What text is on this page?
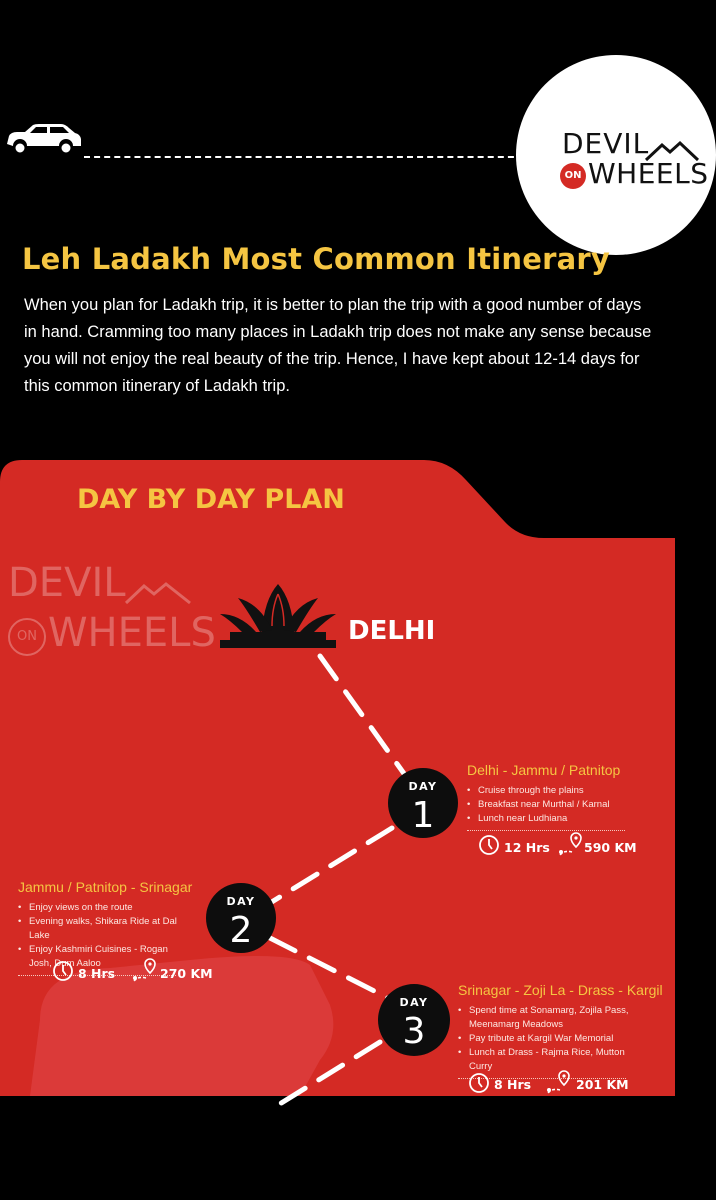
DEVIL
ON WHEELS
Leh Ladakh Most Common Itinerary

When you plan for Ladakh trip, it is better to plan the trip with a good number of days in hand. Cramming too many places in Ladakh trip does not make any sense because you will not enjoy the real beauty of the trip. Hence, I have kept about 12-14 days for this common itinerary of Ladakh trip.

DAY BY DAY PLAN
DEVIL
ON WHEELS	DELHI
DAY
1
Delhi - Jammu / Patnitop
• Cruise through the plains
• Breakfast near Murthal / Karnal
• Lunch near Ludhiana
12 Hrs	590 KM
DAY
2
Jammu / Patnitop - Srinagar
• Enjoy views on the route
• Evening walks, Shikara Ride at Dal Lake
• Enjoy Kashmiri Cuisines - Rogan Josh, Dum Aaloo
8 Hrs	270 KM
DAY
3
Srinagar - Zoji La - Drass - Kargil
• Spend time at Sonamarg, Zojila Pass, Meenamarg Meadows
• Pay tribute at Kargil War Memorial
• Lunch at Drass - Rajma Rice, Mutton Curry
8 Hrs	201 KM
